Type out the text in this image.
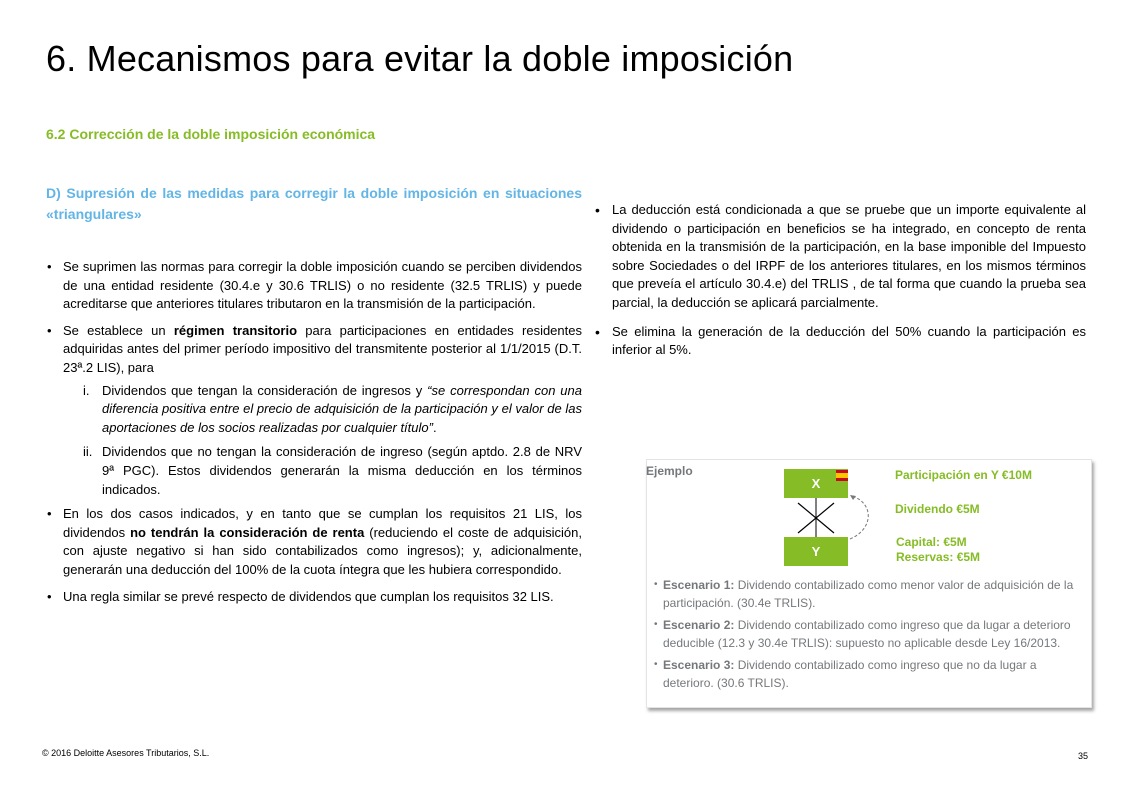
6. Mecanismos para evitar la doble imposición
6.2 Corrección de la doble imposición económica
D) Supresión de las medidas para corregir la doble imposición en situaciones «triangulares»
• Se suprimen las normas para corregir la doble imposición cuando se perciben dividendos de una entidad residente (30.4.e y 30.6 TRLIS) o no residente (32.5 TRLIS) y puede acreditarse que anteriores titulares tributaron en la transmisión de la participación.
• Se establece un régimen transitorio para participaciones en entidades residentes adquiridas antes del primer período impositivo del transmitente posterior al 1/1/2015 (D.T. 23ª.2 LIS), para
i. Dividendos que tengan la consideración de ingresos y “se correspondan con una diferencia positiva entre el precio de adquisición de la participación y el valor de las aportaciones de los socios realizadas por cualquier título”.
ii. Dividendos que no tengan la consideración de ingreso (según aptdo. 2.8 de NRV 9ª PGC). Estos dividendos generarán la misma deducción en los términos indicados.
• En los dos casos indicados, y en tanto que se cumplan los requisitos 21 LIS, los dividendos no tendrán la consideración de renta (reduciendo el coste de adquisición, con ajuste negativo si han sido contabilizados como ingresos); y, adicionalmente, generarán una deducción del 100% de la cuota íntegra que les hubiera correspondido.
• Una regla similar se prevé respecto de dividendos que cumplan los requisitos 32 LIS.
• La deducción está condicionada a que se pruebe que un importe equivalente al dividendo o participación en beneficios se ha integrado, en concepto de renta obtenida en la transmisión de la participación, en la base imponible del Impuesto sobre Sociedades o del IRPF de los anteriores titulares, en los mismos términos que preveía el artículo 30.4.e) del TRLIS , de tal forma que cuando la prueba sea parcial, la deducción se aplicará parcialmente.
• Se elimina la generación de la deducción del 50% cuando la participación es inferior al 5%.
Ejemplo
X
Y
Participación en Y €10M
Dividendo €5M
Capital: €5M
Reservas: €5M
• Escenario 1: Dividendo contabilizado como menor valor de adquisición de la participación. (30.4e TRLIS).
• Escenario 2: Dividendo contabilizado como ingreso que da lugar a deterioro deducible (12.3 y 30.4e TRLIS): supuesto no aplicable desde Ley 16/2013.
• Escenario 3: Dividendo contabilizado como ingreso que no da lugar a deterioro. (30.6 TRLIS).
© 2016 Deloitte Asesores Tributarios, S.L.	35
